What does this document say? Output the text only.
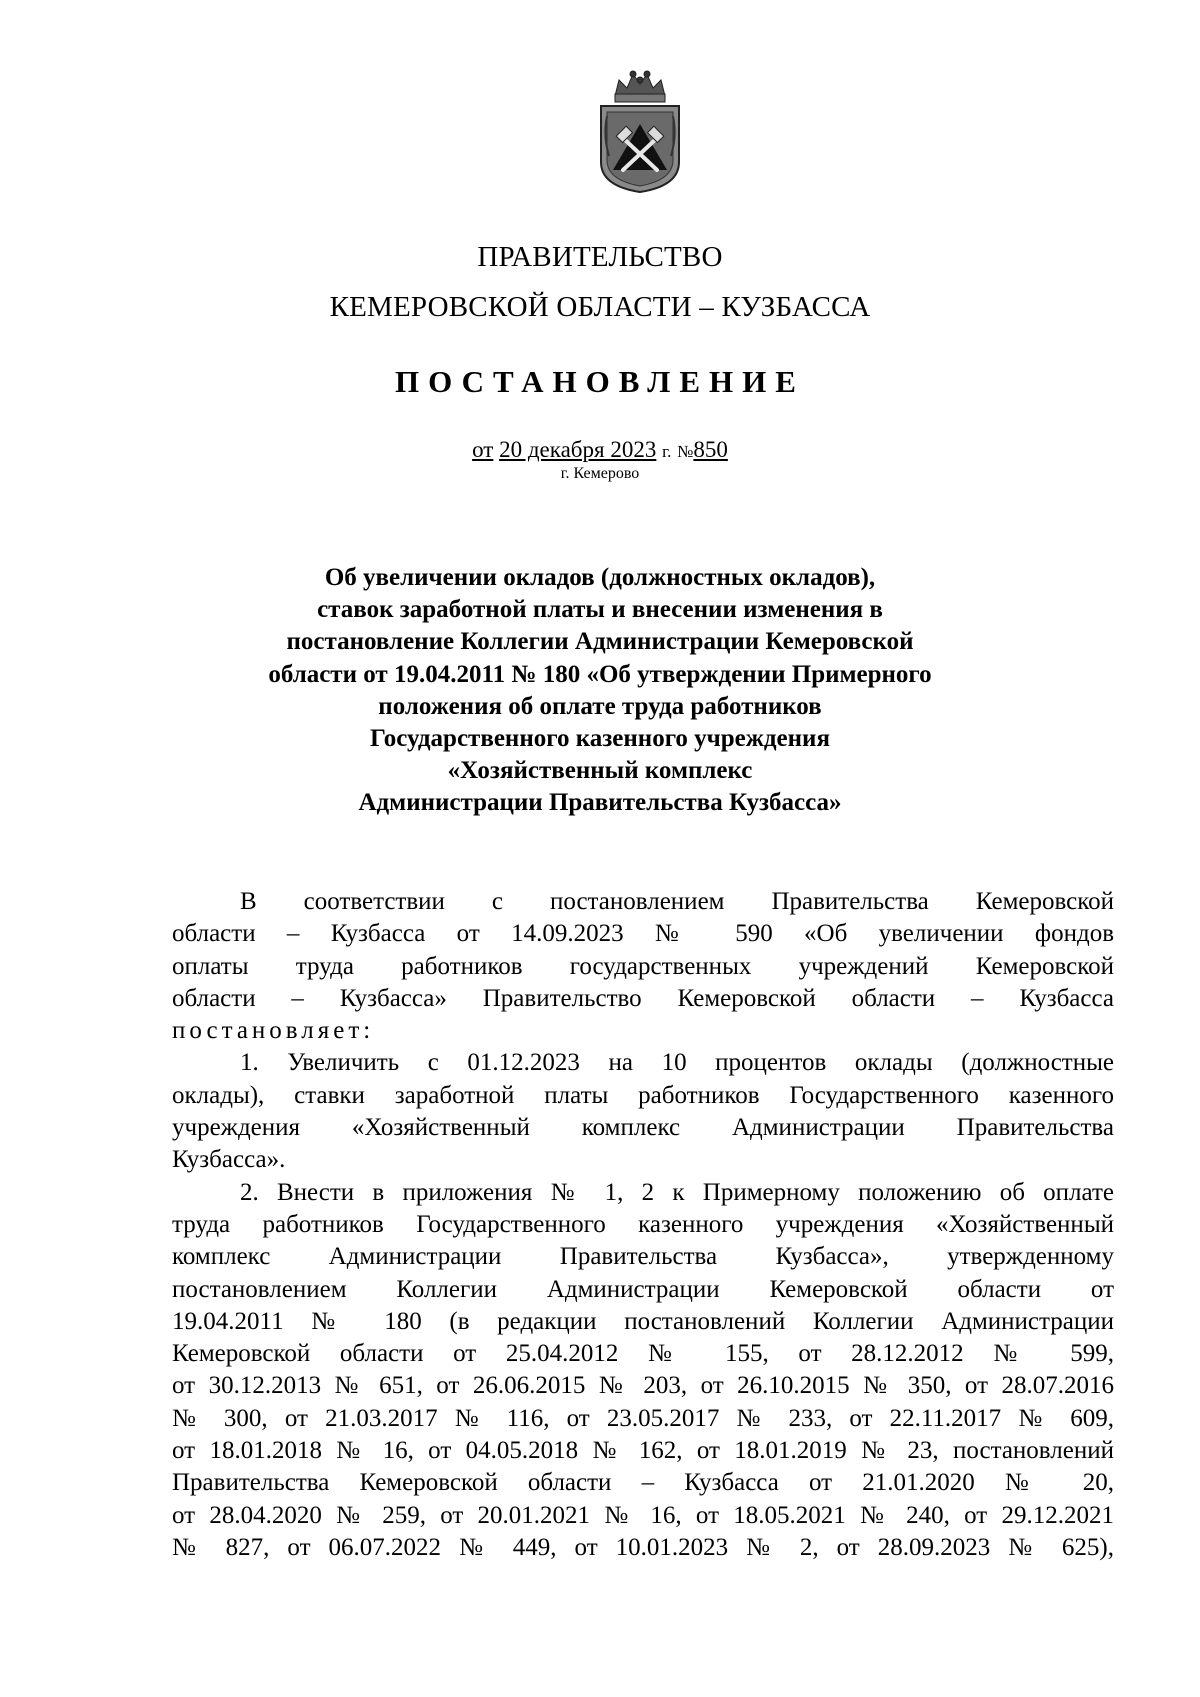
ПРАВИТЕЛЬСТВО
КЕМЕРОВСКОЙ ОБЛАСТИ – КУЗБАССА
ПОСТАНОВЛЕНИЕ
от 20 декабря 2023 г. №850
г. Кемерово
Об увеличении окладов (должностных окладов),
ставок заработной платы и внесении изменения в
постановление Коллегии Администрации Кемеровской
области от 19.04.2011 № 180 «Об утверждении Примерного
положения об оплате труда работников
Государственного казенного учреждения
«Хозяйственный комплекс
Администрации Правительства Кузбасса»
В соответствии с постановлением Правительства Кемеровской
области – Кузбасса от 14.09.2023 № 590 «Об увеличении фондов
оплаты труда работников государственных учреждений Кемеровской
области – Кузбасса» Правительство Кемеровской области – Кузбасса
постановляет:
1. Увеличить с 01.12.2023 на 10 процентов оклады (должностные
оклады), ставки заработной платы работников Государственного казенного
учреждения «Хозяйственный комплекс Администрации Правительства
Кузбасса».
2. Внести в приложения № 1, 2 к Примерному положению об оплате
труда работников Государственного казенного учреждения «Хозяйственный
комплекс Администрации Правительства Кузбасса», утвержденному
постановлением Коллегии Администрации Кемеровской области от
19.04.2011 № 180 (в редакции постановлений Коллегии Администрации
Кемеровской области от 25.04.2012 № 155, от 28.12.2012 № 599,
от 30.12.2013 № 651, от 26.06.2015 № 203, от 26.10.2015 № 350, от 28.07.2016
№ 300, от 21.03.2017 № 116, от 23.05.2017 № 233, от 22.11.2017 № 609,
от 18.01.2018 № 16, от 04.05.2018 № 162, от 18.01.2019 № 23, постановлений
Правительства Кемеровской области – Кузбасса от 21.01.2020 № 20,
от 28.04.2020 № 259, от 20.01.2021 № 16, от 18.05.2021 № 240, от 29.12.2021
№ 827, от 06.07.2022 № 449, от 10.01.2023 № 2, от 28.09.2023 № 625),
